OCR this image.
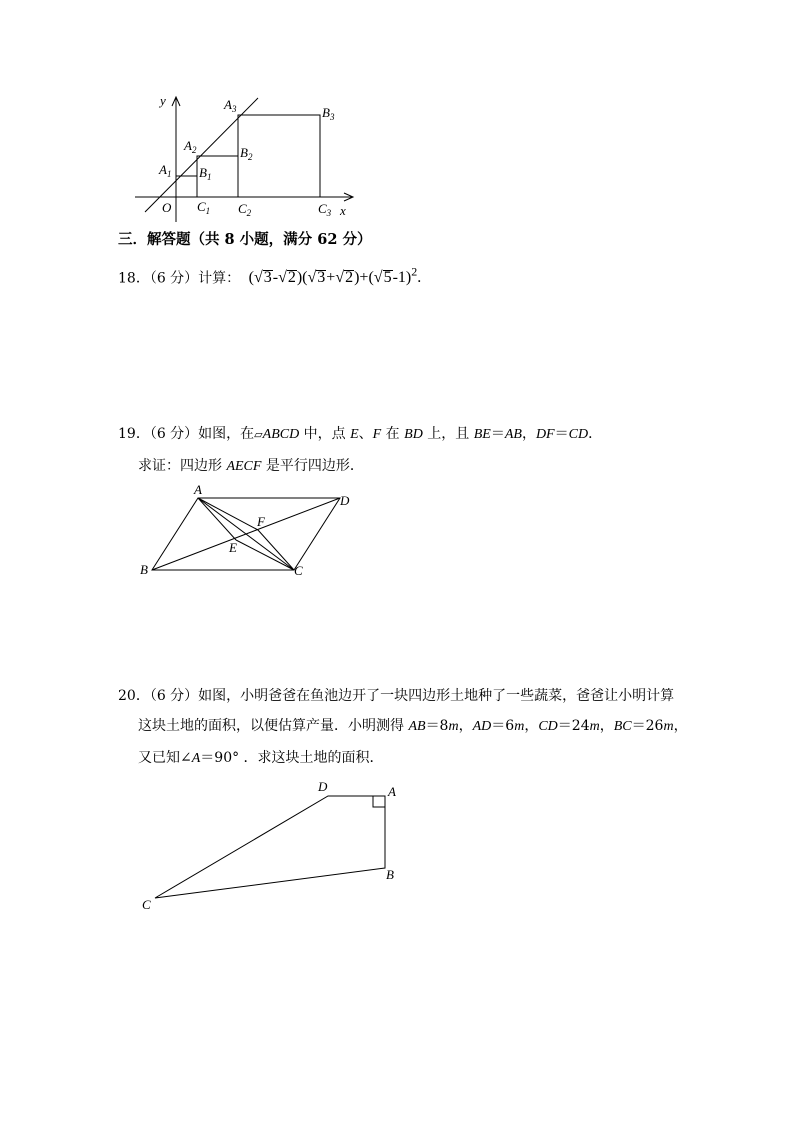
y
x
O
$A_1$
$A_2$
$A_3$
$B_1$
$B_2$
$B_3$
$C_1$ $C_2$	$C_3$
三．解答题（共 8 小题，满分 62 分）
18．（6 分）计算： $(√3-√2)(√3+√2)+(√5-1)^2$.
19．（6 分）如图，在▱ABCD 中，点 E、F 在 BD 上，且 BE＝AB，DF＝CD．
求证：四边形 AECF 是平行四边形．
A
D
B	C
F
E
20．（6 分）如图，小明爸爸在鱼池边开了一块四边形土地种了一些蔬菜，爸爸让小明计算
这块土地的面积，以便估算产量．小明测得 AB＝8m，AD＝6m，CD＝24m，BC＝26m，
又已知∠A＝90° ．求这块土地的面积．
D	A
B
C
